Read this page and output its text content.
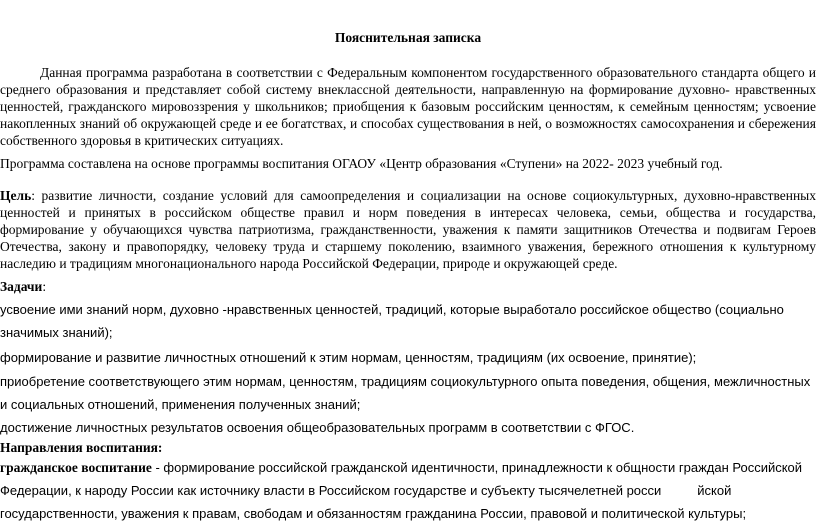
Пояснительная записка

Данная программа разработана в соответствии с Федеральным компонентом государственного образовательного стандарта общего и среднего образования и представляет собой систему внеклассной деятельности, направленную на формирование духовно- нравственных ценностей, гражданского мировоззрения у школьников; приобщения к базовым российским ценностям, к семейным ценностям; усвоение накопленных знаний об окружающей среде и ее богатствах, и способах существования в ней, о возможностях самосохранения и сбережения собственного здоровья в критических ситуациях.

Программа составлена на основе программы воспитания ОГАОУ «Центр образования «Ступени» на 2022- 2023 учебный год.

Цель: развитие личности, создание условий для самоопределения и социализации на основе социокультурных, духовно-нравственных ценностей и принятых в российском обществе правил и норм поведения в интересах человека, семьи, общества и государства, формирование у обучающихся чувства патриотизма, гражданственности, уважения к памяти защитников Отечества и подвигам Героев Отечества, закону и правопорядку, человеку труда и старшему поколению, взаимного уважения, бережного отношения к культурному наследию и традициям многонационального народа Российской Федерации, природе и окружающей среде.

Задачи:

усвоение ими знаний норм, духовно -нравственных ценностей, традиций, которые выработало российское общество (социально значимых знаний);

формирование и развитие личностных отношений к этим нормам, ценностям, традициям (их освоение, принятие);

приобретение соответствующего этим нормам, ценностям, традициям социокультурного опыта поведения, общения, межличностных и социальных отношений, применения полученных знаний;

достижение личностных результатов освоения общеобразовательных программ в соответствии с ФГОС.

Направления воспитания:

гражданское воспитание - формирование российской гражданской идентичности, принадлежности к общности граждан Российской Федерации, к народу России как источнику власти в Российском государстве и субъекту тысячелетней росси	йской государственности, уважения к правам, свободам и обязанностям гражданина России, правовой и политической культуры;
